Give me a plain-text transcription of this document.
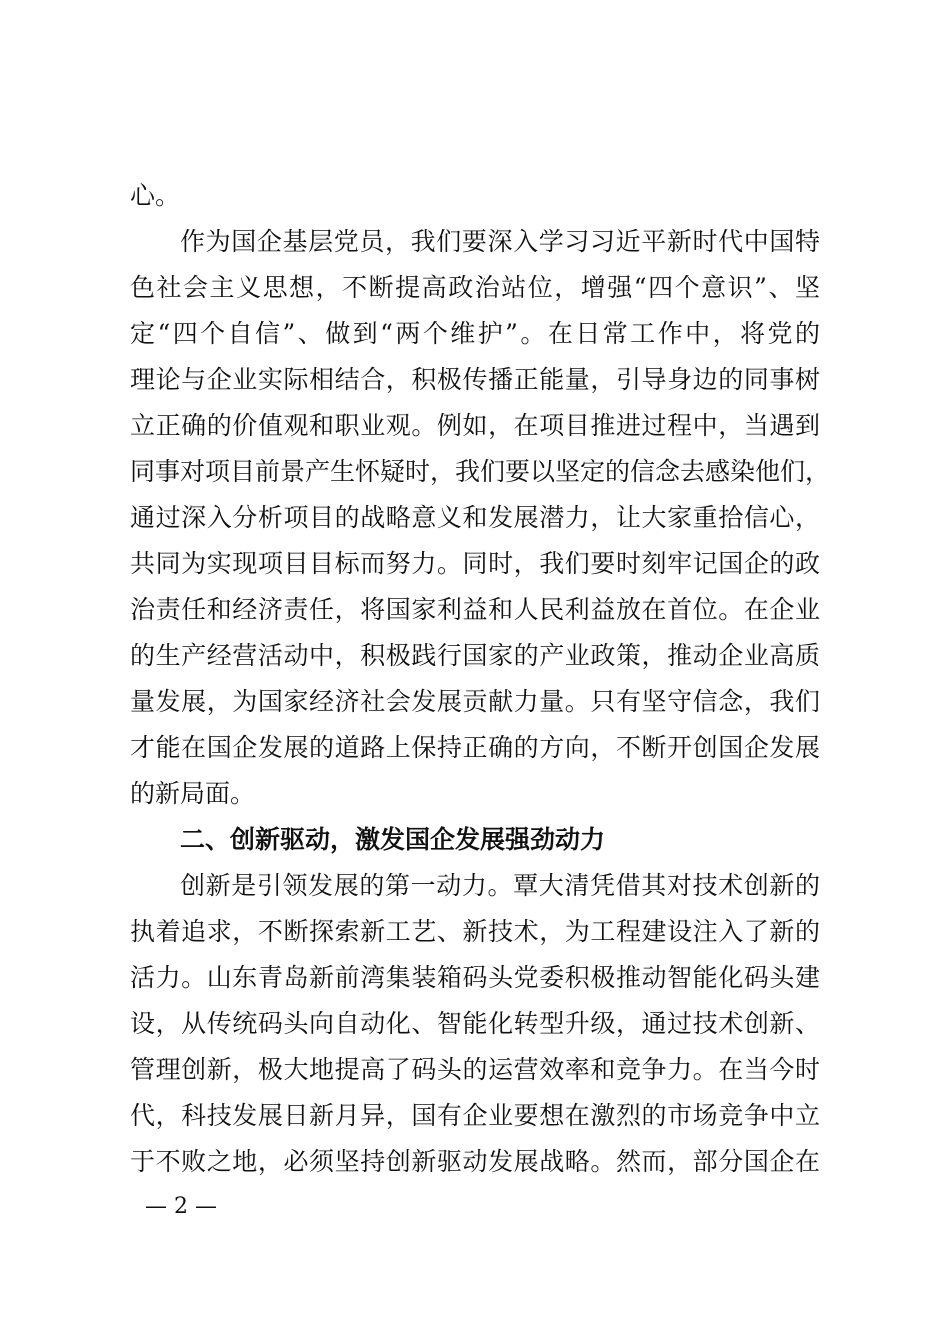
心。
作为国企基层党员，我们要深入学习习近平新时代中国特
色社会主义思想，不断提高政治站位，增强“四个意识”、坚
定“四个自信”、做到“两个维护”。在日常工作中，将党的
理论与企业实际相结合，积极传播正能量，引导身边的同事树
立正确的价值观和职业观。例如，在项目推进过程中，当遇到
同事对项目前景产生怀疑时，我们要以坚定的信念去感染他们，
通过深入分析项目的战略意义和发展潜力，让大家重拾信心，
共同为实现项目目标而努力。同时，我们要时刻牢记国企的政
治责任和经济责任，将国家利益和人民利益放在首位。在企业
的生产经营活动中，积极践行国家的产业政策，推动企业高质
量发展，为国家经济社会发展贡献力量。只有坚守信念，我们
才能在国企发展的道路上保持正确的方向，不断开创国企发展
的新局面。
二、创新驱动，激发国企发展强劲动力
创新是引领发展的第一动力。覃大清凭借其对技术创新的
执着追求，不断探索新工艺、新技术，为工程建设注入了新的
活力。山东青岛新前湾集装箱码头党委积极推动智能化码头建
设，从传统码头向自动化、智能化转型升级，通过技术创新、
管理创新，极大地提高了码头的运营效率和竞争力。在当今时
代，科技发展日新月异，国有企业要想在激烈的市场竞争中立
于不败之地，必须坚持创新驱动发展战略。然而，部分国企在
— 2 —
